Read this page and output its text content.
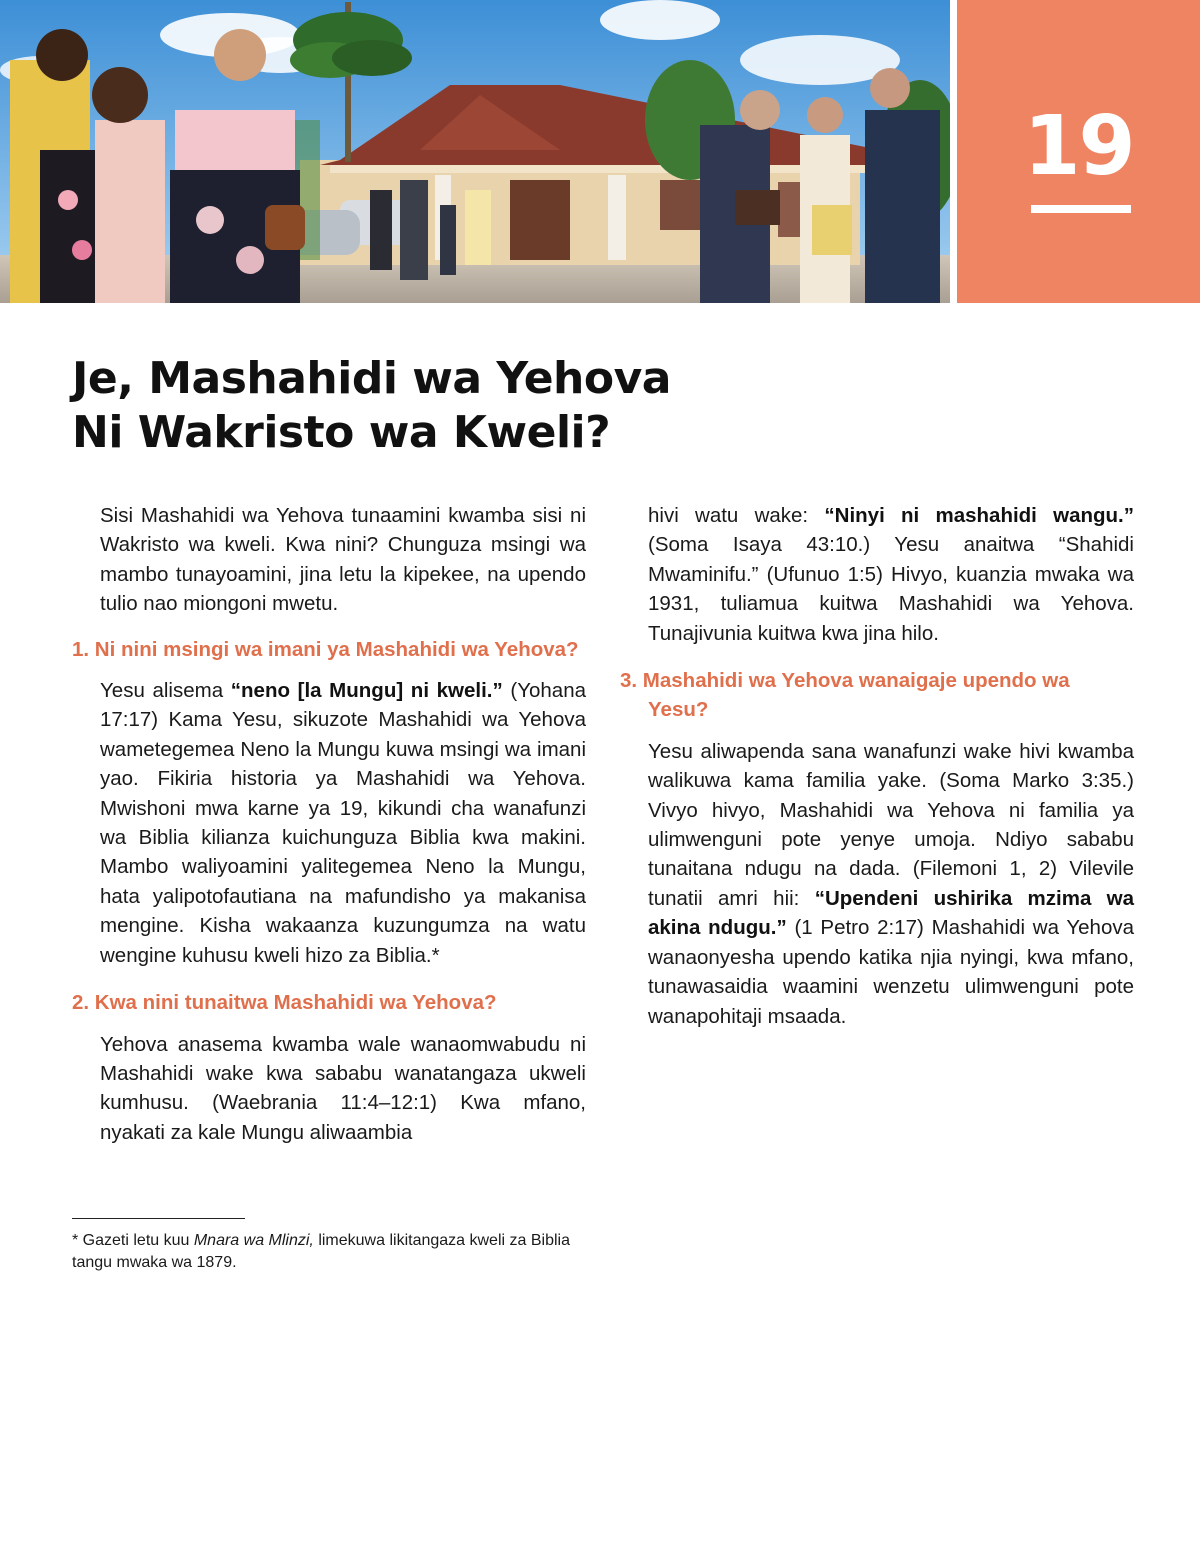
19
Je, Mashahidi wa Yehova
Ni Wakristo wa Kweli?

Sisi Mashahidi wa Yehova tunaamini kwamba sisi ni Wakristo wa kweli. Kwa nini? Chunguza msingi wa mambo tunayoamini, jina letu la kipekee, na upendo tulio nao miongoni mwetu.

1. Ni nini msingi wa imani ya Mashahidi wa Yehova?

Yesu alisema “neno [la Mungu] ni kweli.” (Yohana 17:17) Kama Yesu, sikuzote Mashahidi wa Yehova wametegemea Neno la Mungu kuwa msingi wa imani yao. Fikiria historia ya Mashahidi wa Yehova. Mwishoni mwa karne ya 19, kikundi cha wanafunzi wa Biblia kilianza kuichunguza Biblia kwa makini. Mambo waliyoamini yalitegemea Neno la Mungu, hata yalipotofautiana na mafundisho ya makanisa mengine. Kisha wakaanza kuzungumza na watu wengine kuhusu kweli hizo za Biblia.*

2. Kwa nini tunaitwa Mashahidi wa Yehova?

Yehova anasema kwamba wale wanaomwabudu ni Mashahidi wake kwa sababu wanatangaza ukweli kumhusu. (Waebrania 11:4–12:1) Kwa mfano, nyakati za kale Mungu aliwaambia

* Gazeti letu kuu Mnara wa Mlinzi, limekuwa likitangaza kweli za Biblia tangu mwaka wa 1879.

hivi watu wake: “Ninyi ni mashahidi wangu.” (Soma Isaya 43:10.) Yesu anaitwa “Shahidi Mwaminifu.” (Ufunuo 1:5) Hivyo, kuanzia mwaka wa 1931, tuliamua kuitwa Mashahidi wa Yehova. Tunajivunia kuitwa kwa jina hilo.

3. Mashahidi wa Yehova wanaigaje upendo wa Yesu?

Yesu aliwapenda sana wanafunzi wake hivi kwamba walikuwa kama familia yake. (Soma Marko 3:35.) Vivyo hivyo, Mashahidi wa Yehova ni familia ya ulimwenguni pote yenye umoja. Ndiyo sababu tunaitana ndugu na dada. (Filemoni 1, 2) Vilevile tunatii amri hii: “Upendeni ushirika mzima wa akina ndugu.” (1 Petro 2:17) Mashahidi wa Yehova wanaonyesha upendo katika njia nyingi, kwa mfano, tunawasaidia waamini wenzetu ulimwenguni pote wanapohitaji msaada.
